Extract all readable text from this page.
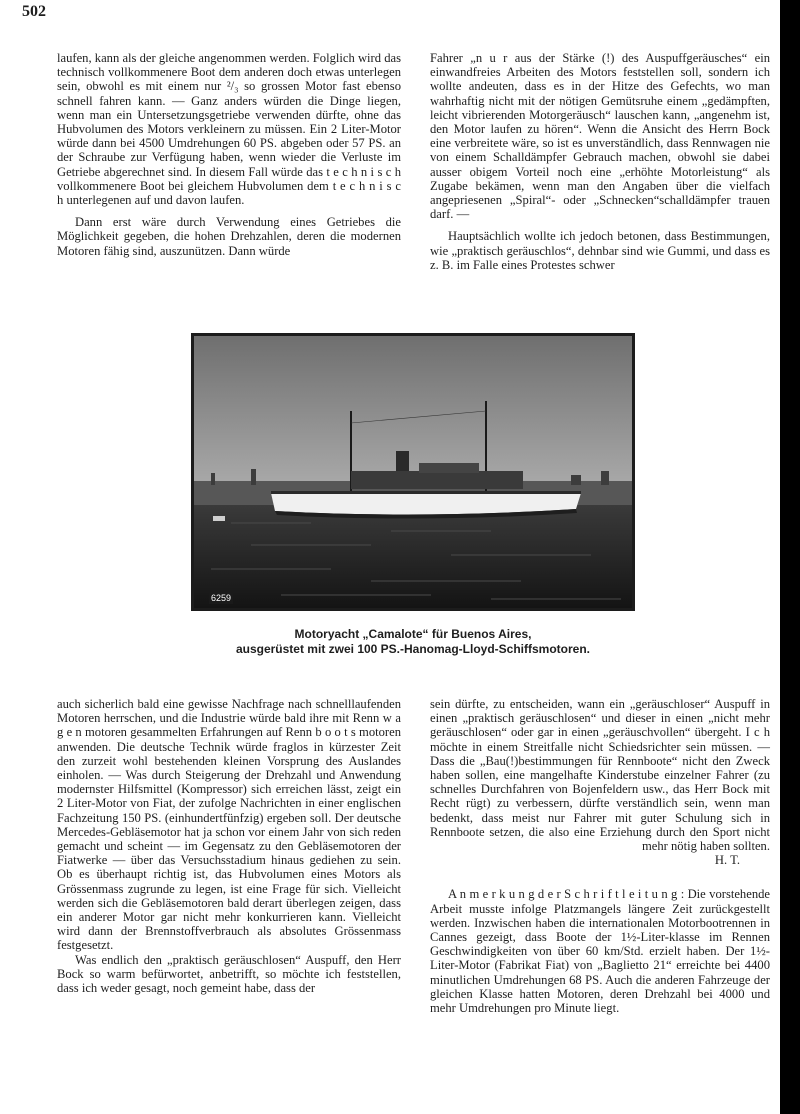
502

laufen, kann als der gleiche angenommen werden. Folglich wird das technisch vollkommenere Boot dem anderen doch etwas unterlegen sein, obwohl es mit einem nur ²/₃ so grossen Motor fast ebenso schnell fahren kann. — Ganz anders würden die Dinge liegen, wenn man ein Untersetzungsgetriebe verwenden dürfte, ohne das Hubvolumen des Motors verkleinern zu müssen. Ein 2 Liter-Motor würde dann bei 4500 Umdrehungen 60 PS. abgeben oder 57 PS. an der Schraube zur Verfügung haben, wenn wieder die Verluste im Getriebe abgerechnet sind. In diesem Fall würde das t e c h n i s c h vollkommenere Boot bei gleichem Hubvolumen dem t e c h n i s c h unterlegenen auf und davon laufen.

Dann erst wäre durch Verwendung eines Getriebes die Möglichkeit gegeben, die hohen Drehzahlen, deren die modernen Motoren fähig sind, auszunützen. Dann würde

Fahrer „n u r aus der Stärke (!) des Auspuffgeräusches“ ein einwandfreies Arbeiten des Motors feststellen soll, sondern ich wollte andeuten, dass es in der Hitze des Gefechts, wo man wahrhaftig nicht mit der nötigen Gemütsruhe einem „gedämpften, leicht vibrierenden Motorgeräusch“ lauschen kann, „angenehm ist, den Motor laufen zu hören“. Wenn die Ansicht des Herrn Bock eine verbreitete wäre, so ist es unverständlich, dass Rennwagen nie von einem Schalldämpfer Gebrauch machen, obwohl sie dabei ausser obigem Vorteil noch eine „erhöhte Motorleistung“ als Zugabe bekämen, wenn man den Angaben über die vielfach angepriesenen „Spiral“- oder „Schnecken“schalldämpfer trauen darf. —

Hauptsächlich wollte ich jedoch betonen, dass Bestimmungen, wie „praktisch geräuschlos“, dehnbar sind wie Gummi, und dass es z. B. im Falle eines Protestes schwer

6259
Motoryacht „Camalote“ für Buenos Aires,
ausgerüstet mit zwei 100 PS.-Hanomag-Lloyd-Schiffsmotoren.

auch sicherlich bald eine gewisse Nachfrage nach schnelllaufenden Motoren herrschen, und die Industrie würde bald ihre mit Renn w a g e n motoren gesammelten Erfahrungen auf Renn b o o t s motoren anwenden. Die deutsche Technik würde fraglos in kürzester Zeit den zurzeit wohl bestehenden kleinen Vorsprung des Auslandes einholen. — Was durch Steigerung der Drehzahl und Anwendung modernster Hilfsmittel (Kompressor) sich erreichen lässt, zeigt ein 2 Liter-Motor von Fiat, der zufolge Nachrichten in einer englischen Fachzeitung 150 PS. (einhundertfünfzig) ergeben soll. Der deutsche Mercedes-Gebläsemotor hat ja schon vor einem Jahr von sich reden gemacht und scheint — im Gegensatz zu den Gebläsemotoren der Fiatwerke — über das Versuchsstadium hinaus gediehen zu sein. Ob es überhaupt richtig ist, das Hubvolumen eines Motors als Grössenmass zugrunde zu legen, ist eine Frage für sich. Vielleicht werden sich die Gebläsemotoren bald derart überlegen zeigen, dass ein anderer Motor gar nicht mehr konkurrieren kann. Vielleicht wird dann der Brennstoffverbrauch als absolutes Grössenmass festgesetzt.

Was endlich den „praktisch geräuschlosen“ Auspuff, den Herr Bock so warm befürwortet, anbetrifft, so möchte ich feststellen, dass ich weder gesagt, noch gemeint habe, dass der

sein dürfte, zu entscheiden, wann ein „geräuschloser“ Auspuff in einen „praktisch geräuschlosen“ und dieser in einen „nicht mehr geräuschlosen“ oder gar in einen „geräuschvollen“ übergeht. I c h möchte in einem Streitfalle nicht Schiedsrichter sein müssen. — Dass die „Bau(!)bestimmungen für Rennboote“ nicht den Zweck haben sollen, eine mangelhafte Kinderstube einzelner Fahrer (zu schnelles Durchfahren von Bojenfeldern usw., das Herr Bock mit Recht rügt) zu verbessern, dürfte verständlich sein, wenn man bedenkt, dass meist nur Fahrer mit guter Schulung sich in Rennboote setzen, die also eine Erziehung durch den Sport nicht mehr nötig haben sollten.

H. T.

A n m e r k u n g d e r S c h r i f t l e i t u n g : Die vorstehende Arbeit musste infolge Platzmangels längere Zeit zurückgestellt werden. Inzwischen haben die internationalen Motorbootrennen in Cannes gezeigt, dass Boote der 1½-Liter-klasse im Rennen Geschwindigkeiten von über 60 km/Std. erzielt haben. Der 1½-Liter-Motor (Fabrikat Fiat) von „Baglietto 21“ erreichte bei 4400 minutlichen Umdrehungen 68 PS. Auch die anderen Fahrzeuge der gleichen Klasse hatten Motoren, deren Drehzahl bei 4000 und mehr Umdrehungen pro Minute liegt.
